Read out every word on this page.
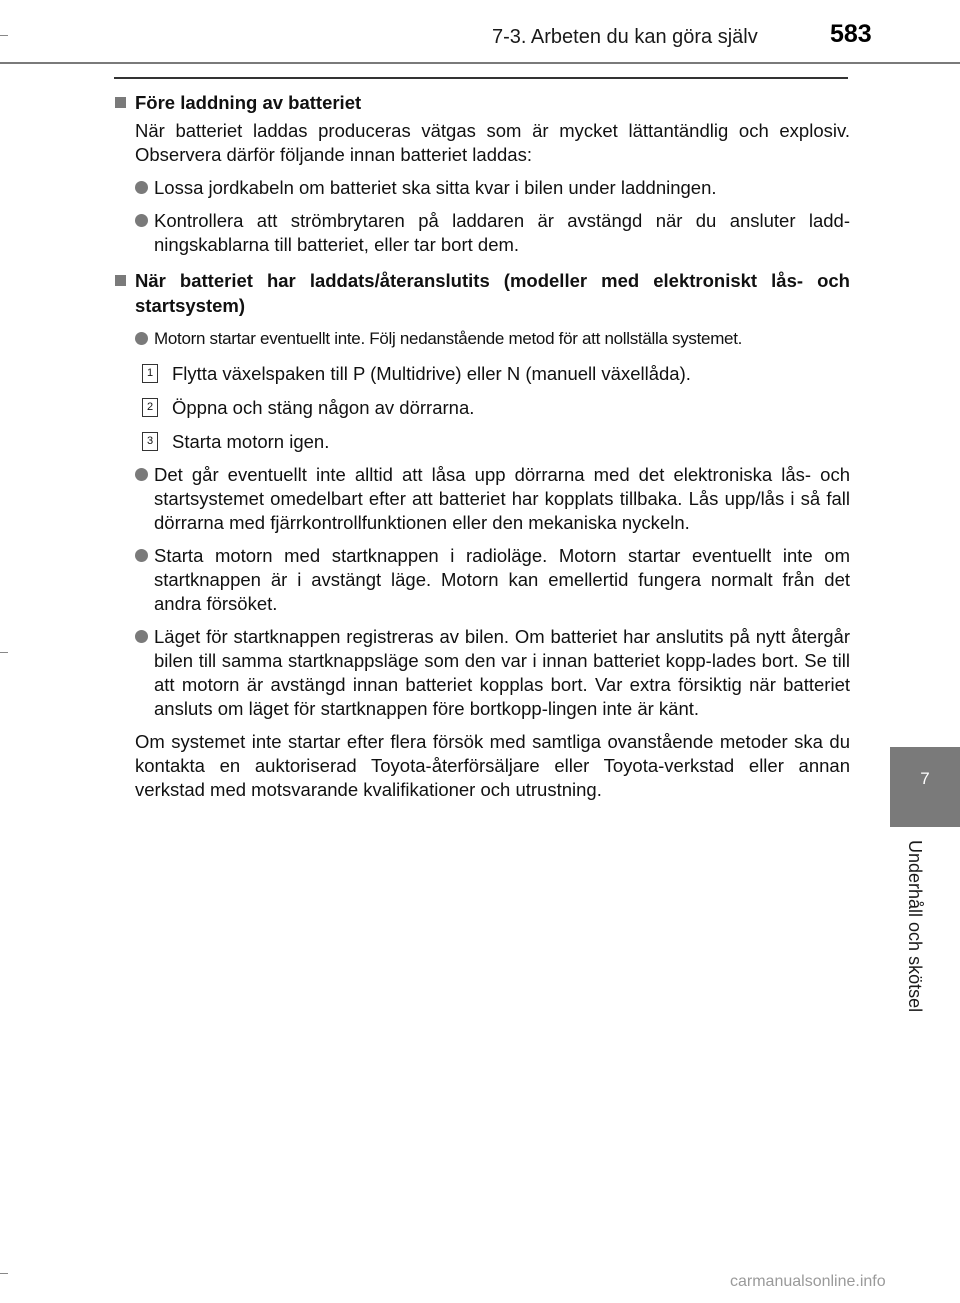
7-3. Arbeten du kan göra själv	583
7
Underhåll och skötsel

Före laddning av batteriet

När batteriet laddas produceras vätgas som är mycket lättantändlig och explosiv. Observera därför följande innan batteriet laddas:

Lossa jordkabeln om batteriet ska sitta kvar i bilen under laddningen.

Kontrollera att strömbrytaren på laddaren är avstängd när du ansluter ladd-ningskablarna till batteriet, eller tar bort dem.

När batteriet har laddats/återanslutits (modeller med elektroniskt lås- och startsystem)

Motorn startar eventuellt inte. Följ nedanstående metod för att nollställa systemet.

1 Flytta växelspaken till P (Multidrive) eller N (manuell växellåda).

2 Öppna och stäng någon av dörrarna.

3 Starta motorn igen.

Det går eventuellt inte alltid att låsa upp dörrarna med det elektroniska lås- och startsystemet omedelbart efter att batteriet har kopplats tillbaka. Lås upp/lås i så fall dörrarna med fjärrkontrollfunktionen eller den mekaniska nyckeln.

Starta motorn med startknappen i radioläge. Motorn startar eventuellt inte om startknappen är i avstängt läge. Motorn kan emellertid fungera normalt från det andra försöket.

Läget för startknappen registreras av bilen. Om batteriet har anslutits på nytt återgår bilen till samma startknappsläge som den var i innan batteriet kopp-lades bort. Se till att motorn är avstängd innan batteriet kopplas bort. Var extra försiktig när batteriet ansluts om läget för startknappen före bortkopp-lingen inte är känt.

Om systemet inte startar efter flera försök med samtliga ovanstående metoder ska du kontakta en auktoriserad Toyota-återförsäljare eller Toyota-verkstad eller annan verkstad med motsvarande kvalifikationer och utrustning.

carmanualsonline.info
